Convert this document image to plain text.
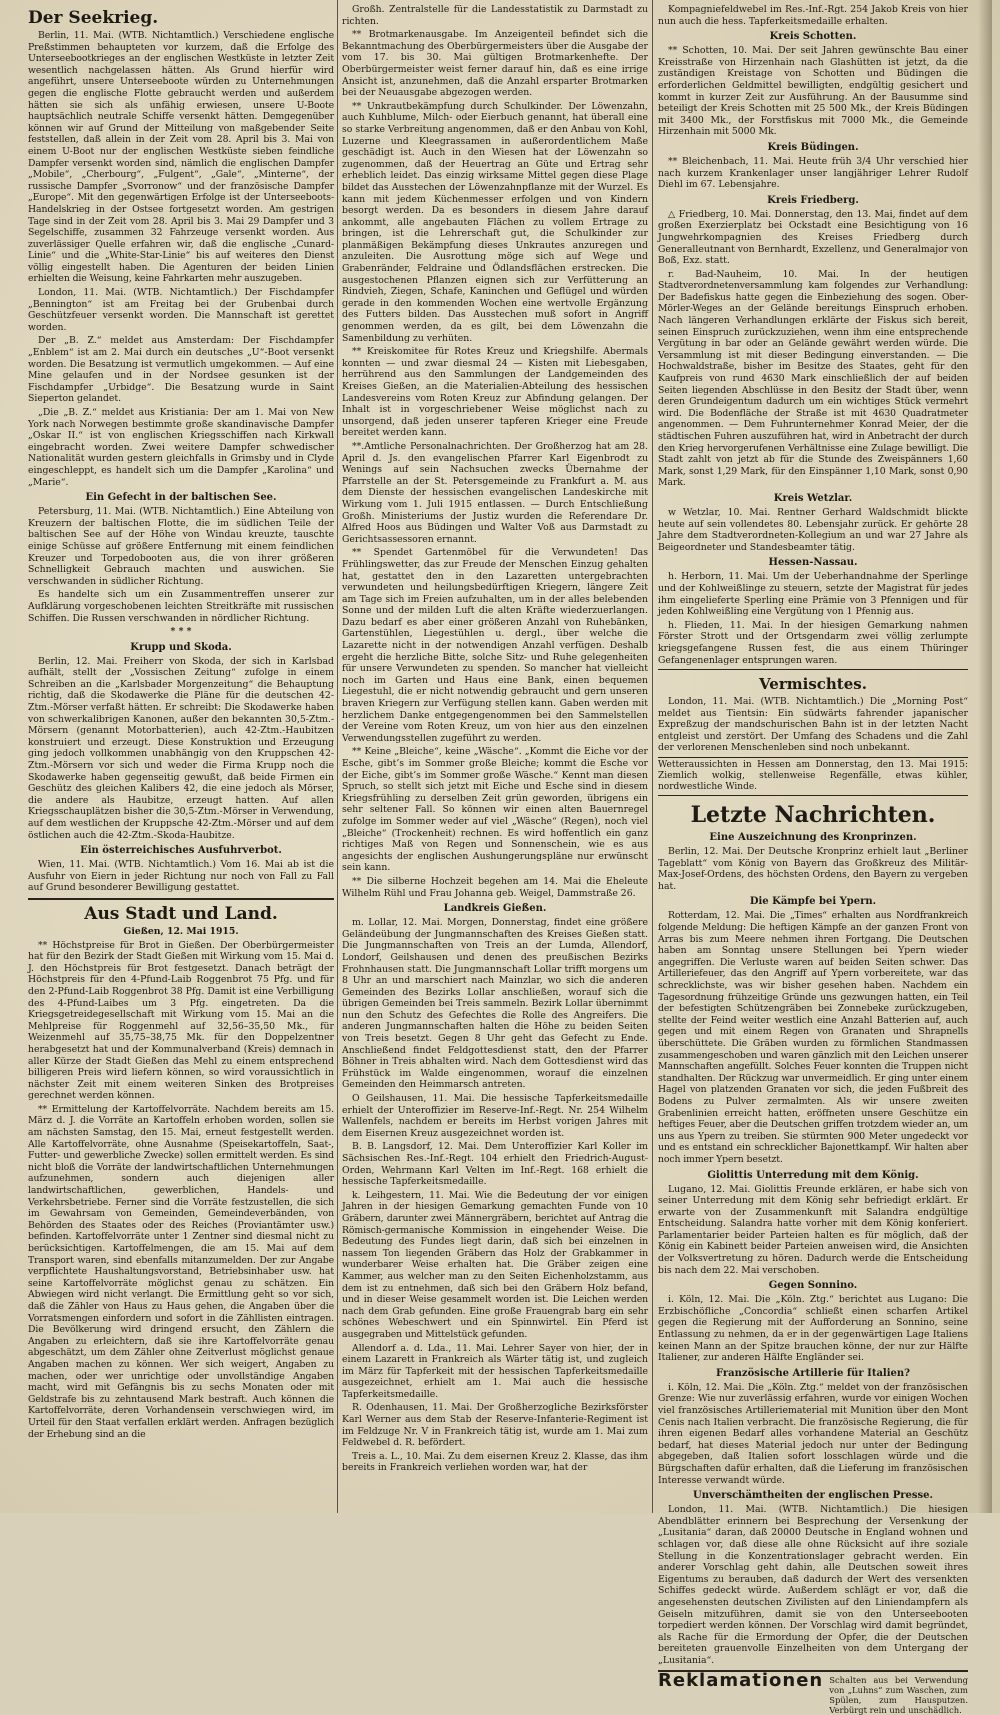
Der Seekrieg.

Berlin, 11. Mai. (WTB. Nichtamtlich.) Verschiedene englische Preßstimmen behaupteten vor kurzem, daß die Erfolge des Unterseebootkrieges an der englischen Westküste in letzter Zeit wesentlich nachgelassen hätten. Als Grund hierfür wird angeführt, unsere Unterseeboote würden zu Unternehmungen gegen die englische Flotte gebraucht werden und außerdem hätten sie sich als unfähig erwiesen, unsere U-Boote hauptsächlich neutrale Schiffe versenkt hätten. Demgegenüber können wir auf Grund der Mitteilung von maßgebender Seite feststellen, daß allein in der Zeit vom 28. April bis 3. Mai von einem U-Boot nur der englischen Westküste sieben feindliche Dampfer versenkt worden sind, nämlich die englischen Dampfer „Mobile“, „Cherbourg“, „Fulgent“, „Gale“, „Minterne“, der russische Dampfer „Svorronow“ und der französische Dampfer „Europe“. Mit den gegenwärtigen Erfolge ist der Unterseeboots-Handelskrieg in der Ostsee fortgesetzt worden. Am gestrigen Tage sind in der Zeit vom 28. April bis 3. Mai 29 Dampfer und 3 Segelschiffe, zusammen 32 Fahrzeuge versenkt worden. Aus zuverlässiger Quelle erfahren wir, daß die englische „Cunard-Linie“ und die „White-Star-Linie“ bis auf weiteres den Dienst völlig eingestellt haben. Die Agenturen der beiden Linien erhielten die Weisung, keine Fahrkarten mehr auszugeben.

London, 11. Mai. (WTB. Nichtamtlich.) Der Fischdampfer „Bennington“ ist am Freitag bei der Grubenbai durch Geschützfeuer versenkt worden. Die Mannschaft ist gerettet worden.

Der „B. Z.“ meldet aus Amsterdam: Der Fischdampfer „Enblem“ ist am 2. Mai durch ein deutsches „U“-Boot versenkt worden. Die Besatzung ist vermutlich umgekommen. — Auf eine Mine gelaufen und in der Nordsee gesunken ist der Fischdampfer „Urbidge“. Die Besatzung wurde in Saint Sieperton gelandet.

„Die „B. Z.“ meldet aus Kristiania: Der am 1. Mai von New York nach Norwegen bestimmte große skandinavische Dampfer „Oskar II.“ ist von englischen Kriegsschiffen nach Kirkwall eingebracht worden. Zwei weitere Dampfer schwedischer Nationalität wurden gestern gleichfalls in Grimsby und in Clyde eingeschleppt, es handelt sich um die Dampfer „Karolina“ und „Marie“.

Ein Gefecht in der baltischen See.

Petersburg, 11. Mai. (WTB. Nichtamtlich.) Eine Abteilung von Kreuzern der baltischen Flotte, die im südlichen Teile der baltischen See auf der Höhe von Windau kreuzte, tauschte einige Schüsse auf größere Entfernung mit einem feindlichen Kreuzer und Torpedobooten aus, die von ihrer größeren Schnelligkeit Gebrauch machten und auswichen. Sie verschwanden in südlicher Richtung.

Es handelte sich um ein Zusammentreffen unserer zur Aufklärung vorgeschobenen leichten Streitkräfte mit russischen Schiffen. Die Russen verschwanden in nördlicher Richtung.

* * *
Krupp und Skoda.

Berlin, 12. Mai. Freiherr von Skoda, der sich in Karlsbad aufhält, stellt der „Vossischen Zeitung“ zufolge in einem Schreiben an die „Karlsbader Morgenzeitung“ die Behauptung richtig, daß die Skodawerke die Pläne für die deutschen 42-Ztm.-Mörser verfaßt hätten. Er schreibt: Die Skodawerke haben von schwerkalibrigen Kanonen, außer den bekannten 30,5-Ztm.-Mörsern (genannt Motorbatterien), auch 42-Ztm.-Haubitzen konstruiert und erzeugt. Diese Konstruktion und Erzeugung ging jedoch vollkommen unabhängig von den Kruppschen 42-Ztm.-Mörsern vor sich und weder die Firma Krupp noch die Skodawerke haben gegenseitig gewußt, daß beide Firmen ein Geschütz des gleichen Kalibers 42, die eine jedoch als Mörser, die andere als Haubitze, erzeugt hatten. Auf allen Kriegsschauplätzen bisher die 30,5-Ztm.-Mörser in Verwendung, auf dem westlichen der Kruppsche 42-Ztm.-Mörser und auf dem östlichen auch die 42-Ztm.-Skoda-Haubitze.

Ein österreichisches Ausfuhrverbot.

Wien, 11. Mai. (WTB. Nichtamtlich.) Vom 16. Mai ab ist die Ausfuhr von Eiern in jeder Richtung nur noch von Fall zu Fall auf Grund besonderer Bewilligung gestattet.

Aus Stadt und Land.
Gießen, 12. Mai 1915.

** Höchstpreise für Brot in Gießen. Der Oberbürgermeister hat für den Bezirk der Stadt Gießen mit Wirkung vom 15. Mai d. J. den Höchstpreis für Brot festgesetzt. Danach beträgt der Höchstpreis für den 4-Pfund-Laib Roggenbrot 75 Pfg. und für den 2-Pfund-Laib Roggenbrot 38 Pfg. Damit ist eine Verbilligung des 4-Pfund-Laibes um 3 Pfg. eingetreten. Da die Kriegsgetreidegesellschaft mit Wirkung vom 15. Mai an die Mehlpreise für Roggenmehl auf 32,56–35,50 Mk., für Weizenmehl auf 35,75–38,75 Mk. für den Doppelzentner herabgesetzt hat und der Kommunalverband (Kreis) demnach in aller Kürze der Stadt Gießen das Mehl zu einem entsprechend billigeren Preis wird liefern können, so wird voraussichtlich in nächster Zeit mit einem weiteren Sinken des Brotpreises gerechnet werden können.

** Ermittelung der Kartoffelvorräte. Nachdem bereits am 15. März d. J. die Vorräte an Kartoffeln erhoben worden, sollen sie am nächsten Samstag, den 15. Mai, erneut festgestellt werden. Alle Kartoffelvorräte, ohne Ausnahme (Speisekartoffeln, Saat-, Futter- und gewerbliche Zwecke) sollen ermittelt werden. Es sind nicht bloß die Vorräte der landwirtschaftlichen Unternehmungen aufzunehmen, sondern auch diejenigen aller landwirtschaftlichen, gewerblichen, Handels- und Verkehrsbetriebe. Ferner sind die Vorräte festzustellen, die sich im Gewahrsam von Gemeinden, Gemeindeverbänden, von Behörden des Staates oder des Reiches (Proviantämter usw.) befinden. Kartoffelvorräte unter 1 Zentner sind diesmal nicht zu berücksichtigen. Kartoffelmengen, die am 15. Mai auf dem Transport waren, sind ebenfalls mitanzumelden. Der zur Angabe verpflichtete Haushaltungsvorstand, Betriebsinhaber usw. hat seine Kartoffelvorräte möglichst genau zu schätzen. Ein Abwiegen wird nicht verlangt. Die Ermittlung geht so vor sich, daß die Zähler von Haus zu Haus gehen, die Angaben über die Vorratsmengen einfordern und sofort in die Zähllisten eintragen. Die Bevölkerung wird dringend ersucht, den Zählern die Angaben zu erleichtern, daß sie ihre Kartoffelvorräte genau abgeschätzt, um dem Zähler ohne Zeitverlust möglichst genaue Angaben machen zu können. Wer sich weigert, Angaben zu machen, oder wer unrichtige oder unvollständige Angaben macht, wird mit Gefängnis bis zu sechs Monaten oder mit Geldstrafe bis zu zehntausend Mark bestraft. Auch können die Kartoffelvorräte, deren Vorhandensein verschwiegen wird, im Urteil für den Staat verfallen erklärt werden. Anfragen bezüglich der Erhebung sind an die

Großh. Zentralstelle für die Landesstatistik zu Darmstadt zu richten.

** Brotmarkenausgabe. Im Anzeigenteil befindet sich die Bekanntmachung des Oberbürgermeisters über die Ausgabe der vom 17. bis 30. Mai gültigen Brotmarkenhefte. Der Oberbürgermeister weist ferner darauf hin, daß es eine irrige Ansicht ist, anzunehmen, daß die Anzahl ersparter Brotmarken bei der Neuausgabe abgezogen werden.

** Unkrautbekämpfung durch Schulkinder. Der Löwenzahn, auch Kuhblume, Milch- oder Eierbuch genannt, hat überall eine so starke Verbreitung angenommen, daß er den Anbau von Kohl, Luzerne und Kleegrassamen in außerordentlichem Maße geschädigt ist. Auch in den Wiesen hat der Löwenzahn so zugenommen, daß der Heuertrag an Güte und Ertrag sehr erheblich leidet. Das einzig wirksame Mittel gegen diese Plage bildet das Ausstechen der Löwenzahnpflanze mit der Wurzel. Es kann mit jedem Küchenmesser erfolgen und von Kindern besorgt werden. Da es besonders in diesem Jahre darauf ankommt, alle angebauten Flächen zu vollem Ertrage zu bringen, ist die Lehrerschaft gut, die Schulkinder zur planmäßigen Bekämpfung dieses Unkrautes anzuregen und anzuleiten. Die Ausrottung möge sich auf Wege und Grabenränder, Feldraine und Ödlandsflächen erstrecken. Die ausgestochenen Pflanzen eignen sich zur Verfütterung an Rindvieh, Ziegen, Schafe, Kaninchen und Geflügel und würden gerade in den kommenden Wochen eine wertvolle Ergänzung des Futters bilden. Das Ausstechen muß sofort in Angriff genommen werden, da es gilt, bei dem Löwenzahn die Samenbildung zu verhüten.

** Kreiskomitee für Rotes Kreuz und Kriegshilfe. Abermals konnten — und zwar diesmal 24 — Kisten mit Liebesgaben, herrührend aus den Sammlungen der Landgemeinden des Kreises Gießen, an die Materialien-Abteilung des hessischen Landesvereins vom Roten Kreuz zur Abfindung gelangen. Der Inhalt ist in vorgeschriebener Weise möglichst nach zu unsorgend, daß jeden unserer tapferen Krieger eine Freude bereitet werden kann.

**.Amtliche Personalnachrichten. Der Großherzog hat am 28. April d. Js. den evangelischen Pfarrer Karl Eigenbrodt zu Wenings auf sein Nachsuchen zwecks Übernahme der Pfarrstelle an der St. Petersgemeinde zu Frankfurt a. M. aus dem Dienste der hessischen evangelischen Landeskirche mit Wirkung vom 1. Juli 1915 entlassen. — Durch Entschließung Großh. Ministeriums der Justiz wurden die Referendare Dr. Alfred Hoos aus Büdingen und Walter Voß aus Darmstadt zu Gerichtsassessoren ernannt.

** Spendet Gartenmöbel für die Verwundeten! Das Frühlingswetter, das zur Freude der Menschen Einzug gehalten hat, gestattet den in den Lazaretten untergebrachten verwundeten und heilungsbedürftigen Kriegern, längere Zeit am Tage sich im Freien aufzuhalten, um in der alles belebenden Sonne und der milden Luft die alten Kräfte wiederzuerlangen. Dazu bedarf es aber einer größeren Anzahl von Ruhebänken, Gartenstühlen, Liegestühlen u. dergl., über welche die Lazarette nicht in der notwendigen Anzahl verfügen. Deshalb ergeht die herzliche Bitte, solche Sitz- und Ruhe gelegenheiten für unsere Verwundeten zu spenden. So mancher hat vielleicht noch im Garten und Haus eine Bank, einen bequemen Liegestuhl, die er nicht notwendig gebraucht und gern unseren braven Kriegern zur Verfügung stellen kann. Gaben werden mit herzlichem Danke entgegengenommen bei den Sammelstellen der Vereine vom Roten Kreuz, um von hier aus den einzelnen Verwendungsstellen zugeführt zu werden.

** Keine „Bleiche“, keine „Wäsche“. „Kommt die Eiche vor der Esche, gibt’s im Sommer große Bleiche; kommt die Esche vor der Eiche, gibt’s im Sommer große Wäsche.“ Kennt man diesen Spruch, so stellt sich jetzt mit Eiche und Esche sind in diesem Kriegsfrühling zu derselben Zeit grün geworden, übrigens ein sehr seltener Fall. So können wir einen alten Bauernregel zufolge im Sommer weder auf viel „Wäsche“ (Regen), noch viel „Bleiche“ (Trockenheit) rechnen. Es wird hoffentlich ein ganz richtiges Maß von Regen und Sonnenschein, wie es aus angesichts der englischen Aushungerungspläne nur erwünscht sein kann.

** Die silberne Hochzeit begehen am 14. Mai die Eheleute Wilhelm Rühl und Frau Johanna geb. Weigel, Dammstraße 26.

Landkreis Gießen.

m. Lollar, 12. Mai. Morgen, Donnerstag, findet eine größere Geländeübung der Jungmannschaften des Kreises Gießen statt. Die Jungmannschaften von Treis an der Lumda, Allendorf, Londorf, Geilshausen und denen des preußischen Bezirks Frohnhausen statt. Die Jungmannschaft Lollar trifft morgens um 8 Uhr an und marschiert nach Mainzlar, wo sich die anderen Gemeinden des Bezirks Lollar anschließen, worauf sich die übrigen Gemeinden bei Treis sammeln. Bezirk Lollar übernimmt nun den Schutz des Gefechtes die Rolle des Angreifers. Die anderen Jungmannschaften halten die Höhe zu beiden Seiten von Treis besetzt. Gegen 8 Uhr geht das Gefecht zu Ende. Anschließend findet Feldgottesdienst statt, den der Pfarrer Böhner in Treis abhalten wird. Nach dem Gottesdienst wird das Frühstück im Walde eingenommen, worauf die einzelnen Gemeinden den Heimmarsch antreten.

O Geilshausen, 11. Mai. Die hessische Tapferkeitsmedaille erhielt der Unteroffizier im Reserve-Inf.-Regt. Nr. 254 Wilhelm Wallenfels, nachdem er bereits im Herbst vorigen Jahres mit dem Eisernen Kreuz ausgezeichnet worden ist.

B. B. Langsdorf, 12. Mai. Dem Unteroffizier Karl Koller im Sächsischen Res.-Inf.-Regt. 104 erhielt den Friedrich-August-Orden, Wehrmann Karl Velten im Inf.-Regt. 168 erhielt die hessische Tapferkeitsmedaille.

k. Leihgestern, 11. Mai. Wie die Bedeutung der vor einigen Jahren in der hiesigen Gemarkung gemachten Funde von 10 Gräbern, darunter zwei Männergräbern, berichtet auf Antrag die Römisch-germanische Kommission in eingehender Weise. Die Bedeutung des Fundes liegt darin, daß sich bei einzelnen in nassem Ton liegenden Gräbern das Holz der Grabkammer in wunderbarer Weise erhalten hat. Die Gräber zeigen eine Kammer, aus welcher man zu den Seiten Eichenholzstamm, aus dem ist zu entnehmen, daß sich bei den Gräbern Holz befand, und in dieser Weise gesammelt worden ist. Die Leichen werden nach dem Grab gefunden. Eine große Frauengrab barg ein sehr schönes Webeschwert und ein Spinnwirtel. Ein Pferd ist ausgegraben und Mittelstück gefunden.

Allendorf a. d. Lda., 11. Mai. Lehrer Sayer von hier, der in einem Lazarett in Frankreich als Wärter tätig ist, und zugleich im März für Tapferkeit mit der hessischen Tapferkeitsmedaille ausgezeichnet, erhielt am 1. Mai auch die hessische Tapferkeitsmedaille.

R. Odenhausen, 11. Mai. Der Großherzogliche Bezirksförster Karl Werner aus dem Stab der Reserve-Infanterie-Regiment ist im Feldzuge Nr. V in Frankreich tätig ist, wurde am 1. Mai zum Feldwebel d. R. befördert.

Treis a. L., 10. Mai. Zu dem eisernen Kreuz 2. Klasse, das ihm bereits in Frankreich verliehen worden war, hat der

Kompagniefeldwebel im Res.-Inf.-Rgt. 254 Jakob Kreis von hier nun auch die hess. Tapferkeitsmedaille erhalten.

Kreis Schotten.

** Schotten, 10. Mai. Der seit Jahren gewünschte Bau einer Kreisstraße von Hirzenhain nach Glashütten ist jetzt, da die zuständigen Kreistage von Schotten und Büdingen die erforderlichen Geldmittel bewilligten, endgültig gesichert und kommt in kurzer Zeit zur Ausführung. An der Bausumme sind beteiligt der Kreis Schotten mit 25 500 Mk., der Kreis Büdingen mit 3400 Mk., der Forstfiskus mit 7000 Mk., die Gemeinde Hirzenhain mit 5000 Mk.

Kreis Büdingen.

** Bleichenbach, 11. Mai. Heute früh 3/4 Uhr verschied hier nach kurzem Krankenlager unser langjähriger Lehrer Rudolf Diehl im 67. Lebensjahre.

Kreis Friedberg.

△ Friedberg, 10. Mai. Donnerstag, den 13. Mai, findet auf dem großen Exerzierplatz bei Ockstadt eine Besichtigung von 16 Jungwehrkompagnien des Kreises Friedberg durch Generalleutnant von Bernhardt, Exzellenz, und Generalmajor von Boß, Exz. statt.

r. Bad-Nauheim, 10. Mai. In der heutigen Stadtverordnetenversammlung kam folgendes zur Verhandlung: Der Badefiskus hatte gegen die Einbeziehung des sogen. Ober-Mörler-Weges an der Gelände bereitungs Einspruch erhoben. Nach längeren Verhandlungen erklärte der Fiskus sich bereit, seinen Einspruch zurückzuziehen, wenn ihm eine entsprechende Vergütung in bar oder an Gelände gewährt werden würde. Die Versammlung ist mit dieser Bedingung einverstanden. — Die Hochwaldstraße, bisher im Besitze des Staates, geht für den Kaufpreis von rund 4630 Mark einschließlich der auf beiden Seiten liegenden Abschlüsse in den Besitz der Stadt über, wenn deren Grundeigentum dadurch um ein wichtiges Stück vermehrt wird. Die Bodenfläche der Straße ist mit 4630 Quadratmeter angenommen. — Dem Fuhrunternehmer Konrad Meier, der die städtischen Fuhren auszuführen hat, wird in Anbetracht der durch den Krieg hervorgerufenen Verhältnisse eine Zulage bewilligt. Die Stadt zahlt von jetzt ab für die Stunde des Zweispänners 1,60 Mark, sonst 1,29 Mark, für den Einspänner 1,10 Mark, sonst 0,90 Mark.

Kreis Wetzlar.

w Wetzlar, 10. Mai. Rentner Gerhard Waldschmidt blickte heute auf sein vollendetes 80. Lebensjahr zurück. Er gehörte 28 Jahre dem Stadtverordneten-Kollegium an und war 27 Jahre als Beigeordneter und Standesbeamter tätig.

Hessen-Nassau.

h. Herborn, 11. Mai. Um der Ueberhandnahme der Sperlinge und der Kohlweißlinge zu steuern, setzte der Magistrat für jedes ihm eingelieferte Sperling eine Prämie von 3 Pfennigen und für jeden Kohlweißling eine Vergütung von 1 Pfennig aus.

h. Flieden, 11. Mai. In der hiesigen Gemarkung nahmen Förster Strott und der Ortsgendarm zwei völlig zerlumpte kriegsgefangene Russen fest, die aus einem Thüringer Gefangenenlager entsprungen waren.

Vermischtes.

London, 11. Mai. (WTB. Nichtamtlich.) Die „Morning Post“ meldet aus Tientsin: Ein südwärts fahrender japanischer Expreßzug der mandschurischen Bahn ist in der letzten Nacht entgleist und zerstört. Der Umfang des Schadens und die Zahl der verlorenen Menschenleben sind noch unbekannt.

Wetteraussichten in Hessen am Donnerstag, den 13. Mai 1915: Ziemlich wolkig, stellenweise Regenfälle, etwas kühler, nordwestliche Winde.
Letzte Nachrichten.
Eine Auszeichnung des Kronprinzen.

Berlin, 12. Mai. Der Deutsche Kronprinz erhielt laut „Berliner Tageblatt“ vom König von Bayern das Großkreuz des Militär-Max-Josef-Ordens, des höchsten Ordens, den Bayern zu vergeben hat.

Die Kämpfe bei Ypern.

Rotterdam, 12. Mai. Die „Times“ erhalten aus Nordfrankreich folgende Meldung: Die heftigen Kämpfe an der ganzen Front von Arras bis zum Meere nehmen ihren Fortgang. Die Deutschen haben am Sonntag unsere Stellungen bei Ypern wieder angegriffen. Die Verluste waren auf beiden Seiten schwer. Das Artilleriefeuer, das den Angriff auf Ypern vorbereitete, war das schrecklichste, was wir bisher gesehen haben. Nachdem ein Tagesordnung frühzeitige Gründe uns gezwungen hatten, ein Teil der befestigten Schützengräben bei Zonnebeke zurückzugeben, stellte der Feind weiter westlich eine Anzahl Batterien auf, auch gegen und mit einem Regen von Granaten und Shrapnells überschüttete. Die Gräben wurden zu förmlichen Standmassen zusammengeschoben und waren gänzlich mit den Leichen unserer Mannschaften angefüllt. Solches Feuer konnten die Truppen nicht standhalten. Der Rückzug war unvermeidlich. Er ging unter einem Hagel von platzenden Granaten vor sich, die jeden Fußbreit des Bodens zu Pulver zermalmten. Als wir unsere zweiten Grabenlinien erreicht hatten, eröffneten unsere Geschütze ein heftiges Feuer, aber die Deutschen griffen trotzdem wieder an, um uns aus Ypern zu treiben. Sie stürmten 900 Meter ungedeckt vor und es entstand ein schrecklicher Bajonettkampf. Wir halten aber noch immer Ypern besetzt.

Giolittis Unterredung mit dem König.

Lugano, 12. Mai. Giolittis Freunde erklären, er habe sich von seiner Unterredung mit dem König sehr befriedigt erklärt. Er erwarte von der Zusammenkunft mit Salandra endgültige Entscheidung. Salandra hatte vorher mit dem König konferiert. Parlamentarier beider Parteien halten es für möglich, daß der König ein Kabinett beider Parteien anweisen wird, die Ansichten der Volksvertretung zu hören. Dadurch werde die Entscheidung bis nach dem 22. Mai verschoben.

Gegen Sonnino.

i. Köln, 12. Mai. Die „Köln. Ztg.“ berichtet aus Lugano: Die Erzbischöfliche „Concordia“ schließt einen scharfen Artikel gegen die Regierung mit der Aufforderung an Sonnino, seine Entlassung zu nehmen, da er in der gegenwärtigen Lage Italiens keinen Mann an der Spitze brauchen könne, der nur zur Hälfte Italiener, zur anderen Hälfte Engländer sei.

Französische Artillerie für Italien?

i. Köln, 12. Mai. Die „Köln. Ztg.“ meldet von der französischen Grenze: Wie nur zuverlässig erfahren, wurde vor einigen Wochen viel französisches Artilleriematerial mit Munition über den Mont Cenis nach Italien verbracht. Die französische Regierung, die für ihren eigenen Bedarf alles vorhandene Material an Geschütz bedarf, hat dieses Material jedoch nur unter der Bedingung abgegeben, daß Italien sofort losschlagen würde und die Bürgschaften dafür erhalten, daß die Lieferung im französischen Interesse verwandt würde.

Unverschämtheiten der englischen Presse.

London, 11. Mai. (WTB. Nichtamtlich.) Die hiesigen Abendblätter erinnern bei Besprechung der Versenkung der „Lusitania“ daran, daß 20000 Deutsche in England wohnen und schlagen vor, daß diese alle ohne Rücksicht auf ihre soziale Stellung in die Konzentrationslager gebracht werden. Ein anderer Vorschlag geht dahin, alle Deutschen soweit ihres Eigentums zu berauben, daß dadurch der Wert des versenkten Schiffes gedeckt würde. Außerdem schlägt er vor, daß die angesehensten deutschen Zivilisten auf den Liniendampfern als Geiseln mitzuführen, damit sie von den Unterseebooten torpediert werden können. Der Vorschlag wird damit begründet, als Rache für die Ermordung der Opfer, die der Deutschen bereiteten grauenvolle Einzelheiten von dem Untergang der „Lusitania“.

Reklamationen Schalten aus bei Verwendung von „Luhns“ zum Waschen, zum Spülen, zum Hausputzen. Verbürgt rein und unschädlich.
